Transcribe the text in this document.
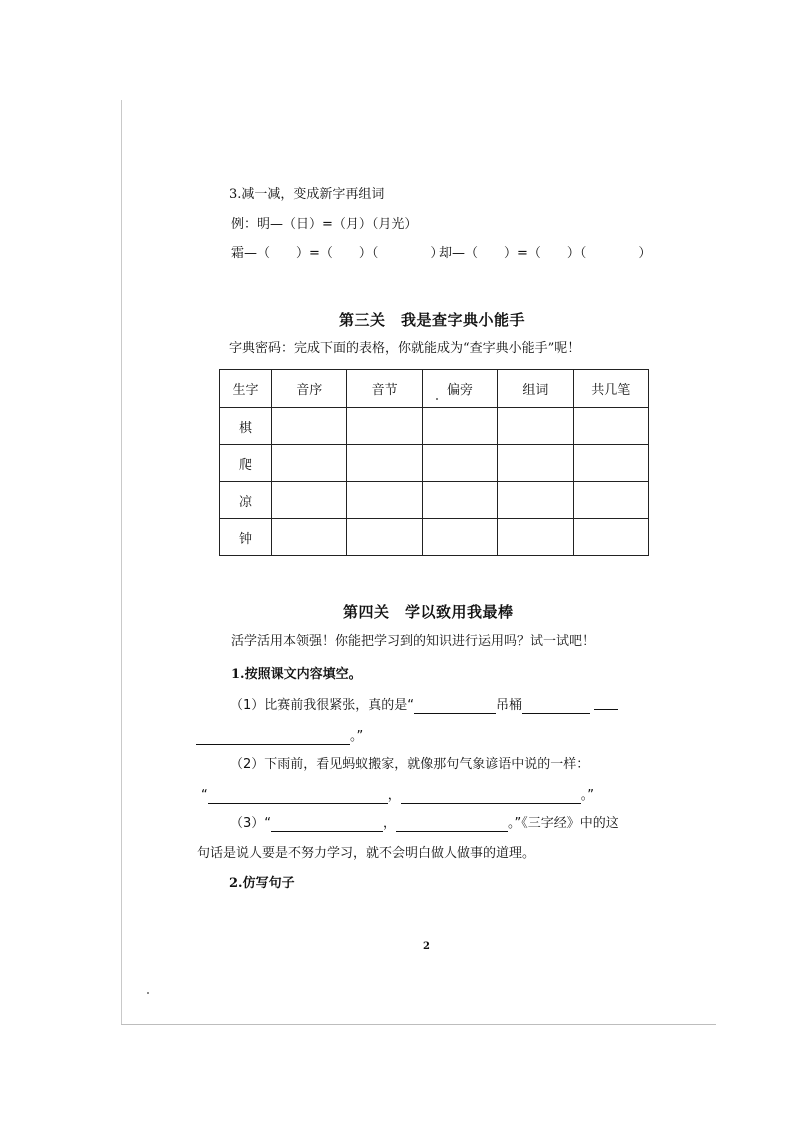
3.减一减，变成新字再组词
例：明—（日）=（月）（月光）
霜—（　　）=（　　）（　　　　）
却—（　　）=（　　）（　　　　）
第三关　我是查字典小能手
字典密码：完成下面的表格，你就能成为“查字典小能手”呢！
生字	音序	音节	偏旁	组词	共几笔
棋					
爬					
凉					
钟					
第四关　学以致用我最棒
活学活用本领强！你能把学习到的知识进行运用吗？试一试吧！
1.按照课文内容填空。
（1）比赛前我很紧张，真的是“	吊桶
。”
（2）下雨前，看见蚂蚁搬家，就像那句气象谚语中说的一样：
“	，	。”
（3）“	，	。”《三字经》中的这
句话是说人要是不努力学习，就不会明白做人做事的道理。
2.仿写句子
2
